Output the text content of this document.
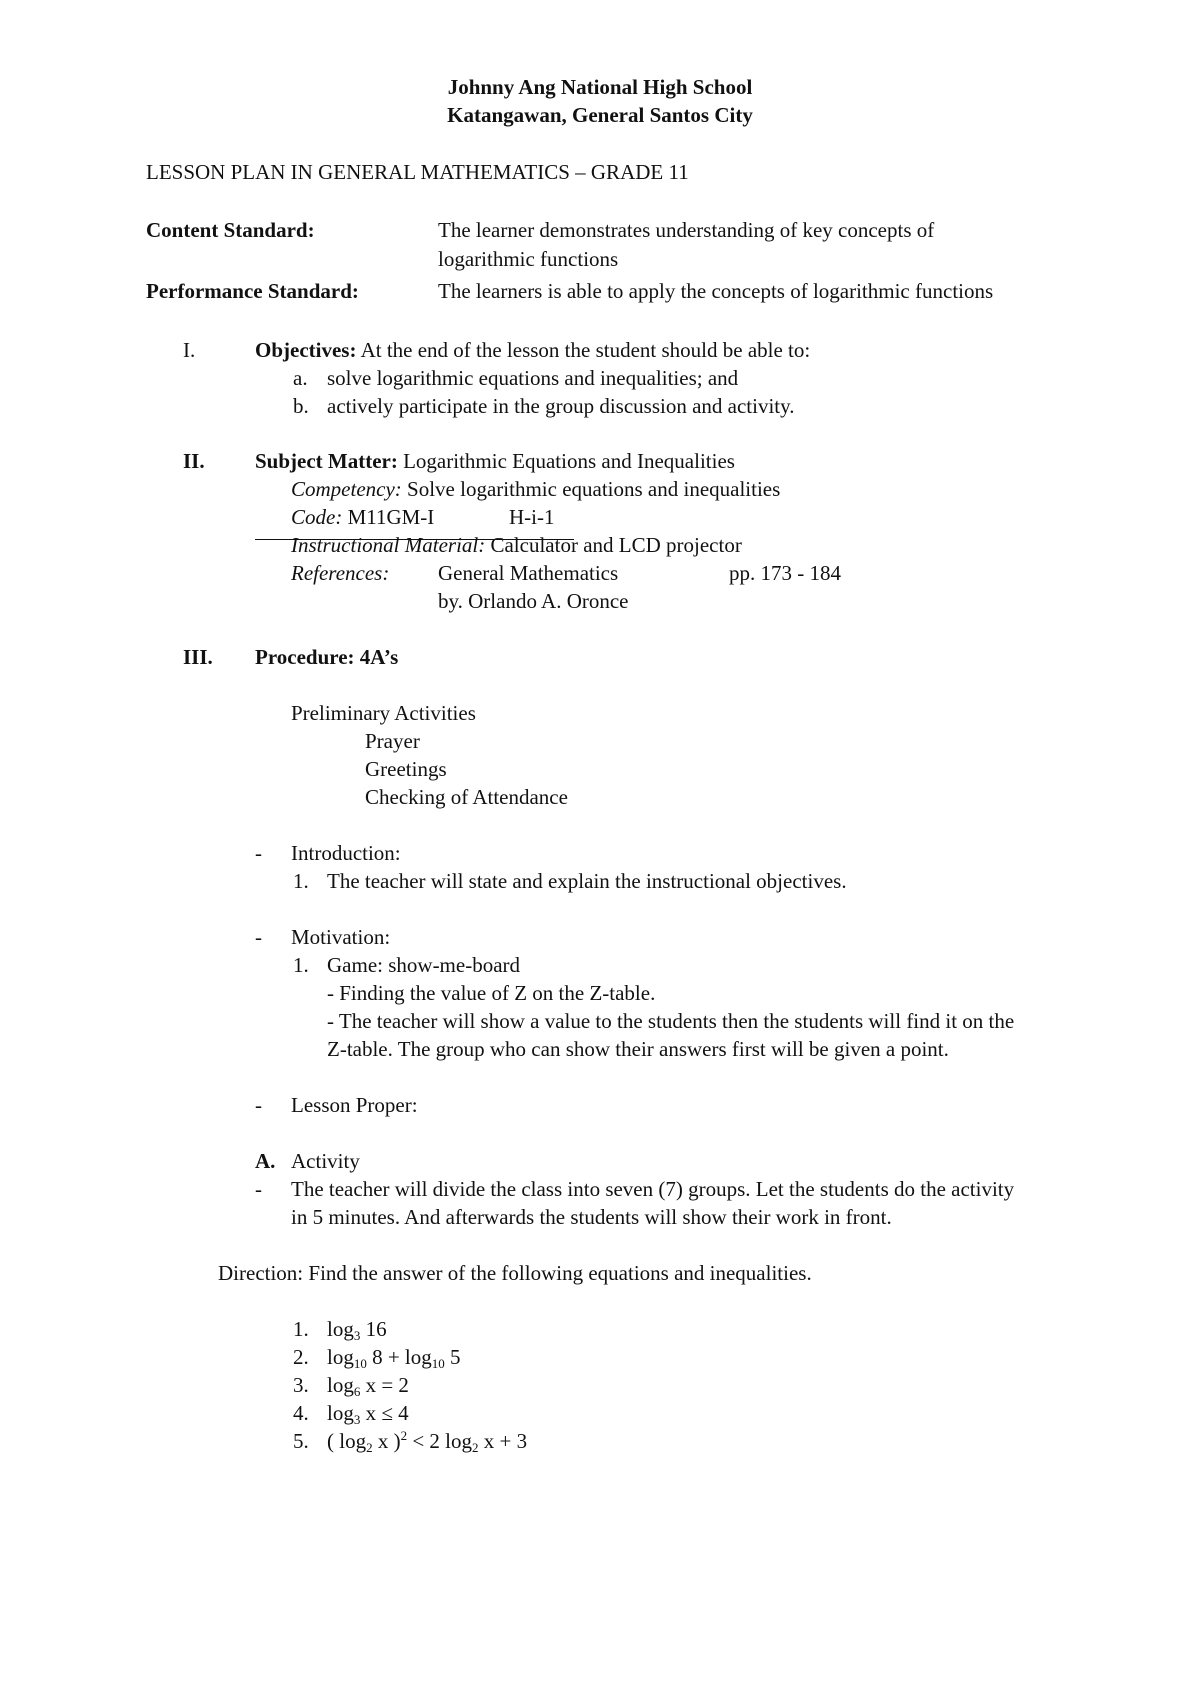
Johnny Ang National High School
Katangawan, General Santos City
LESSON PLAN IN GENERAL MATHEMATICS – GRADE 11
Content Standard:	The learner demonstrates understanding of key concepts of
logarithmic functions
Performance Standard:	The learners is able to apply the concepts of logarithmic functions
I.	Objectives: At the end of the lesson the student should be able to:
a. solve logarithmic equations and inequalities; and
b. actively participate in the group discussion and activity.
II. Subject Matter: Logarithmic Equations and Inequalities
Competency: Solve logarithmic equations and inequalities
Code: M11GM-I	H-i-1
Instructional Material: Calculator and LCD projector
References: General Mathematics	pp. 173 - 184
by. Orlando A. Oronce
III. Procedure: 4A’s
Preliminary Activities
Prayer
Greetings
Checking of Attendance
- Introduction:
1. The teacher will state and explain the instructional objectives.
- Motivation:
1. Game: show-me-board
- Finding the value of Z on the Z-table.
- The teacher will show a value to the students then the students will find it on the
Z-table. The group who can show their answers first will be given a point.
- Lesson Proper:
A. Activity
- The teacher will divide the class into seven (7) groups. Let the students do the activity
in 5 minutes. And afterwards the students will show their work in front.
Direction: Find the answer of the following equations and inequalities.
1. $\log_3 16$
2. $\log_{10} 8 + \log_{10} 5$
3. $\log_6 x = 2$
4. $\log_3 x \le 4$
5. ( $\log_2 x$ )$^2$ < 2 $\log_2 x + 3$
